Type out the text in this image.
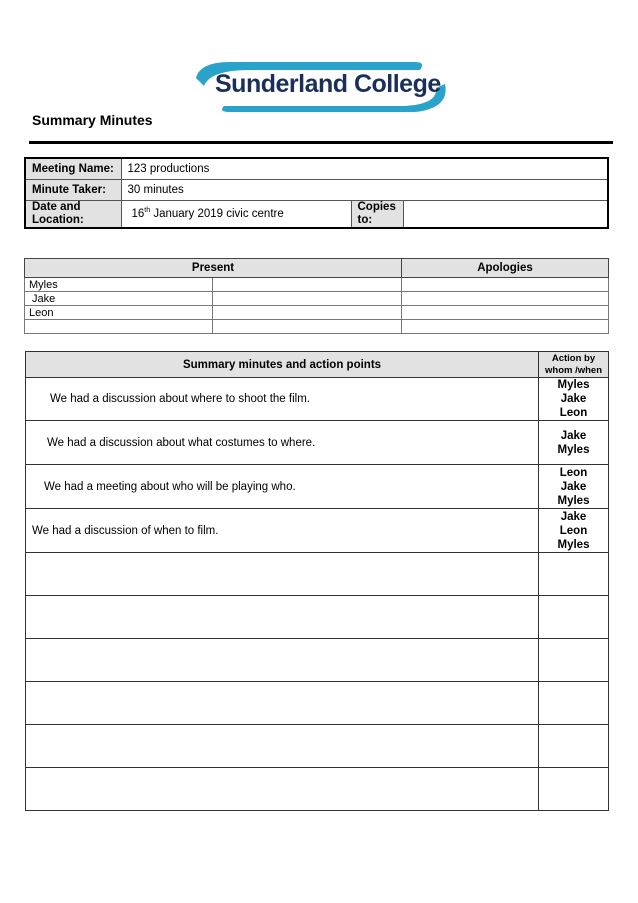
Sunderland College
Summary Minutes
Meeting Name:	123 productions		
Minute Taker:	30 minutes		
Date and Location:	16th January 2019 civic centre	Copies to:	
Present		Apologies
Myles		
Jake		
Leon		

Summary minutes and action points	Action by whom /when
We had a discussion about where to shoot the film.	Myles
Jake
Leon

We had a discussion about what costumes to where.	Jake
Myles

We had a meeting about who will be playing who.	Leon
Jake
Myles

We had a discussion of when to film.	Jake
Leon
Myles
